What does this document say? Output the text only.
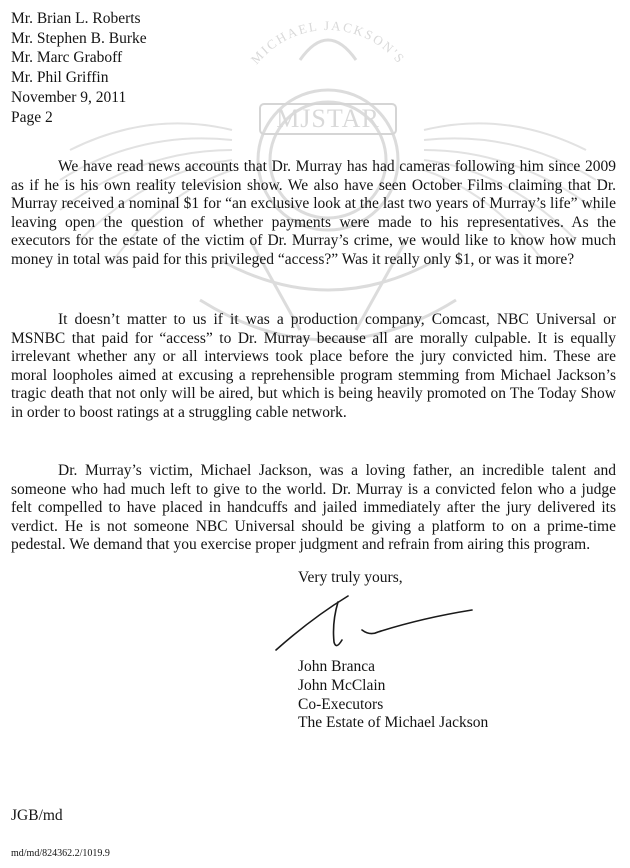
MICHAEL JACKSON'S
MJSTAR
Mr. Brian L. Roberts
Mr. Stephen B. Burke
Mr. Marc Graboff
Mr. Phil Griffin
November 9, 2011
Page 2

We have read news accounts that Dr. Murray has had cameras following him since 2009 as if he is his own reality television show. We also have seen October Films claiming that Dr. Murray received a nominal $1 for “an exclusive look at the last two years of Murray’s life” while leaving open the question of whether payments were made to his representatives. As the executors for the estate of the victim of Dr. Murray’s crime, we would like to know how much money in total was paid for this privileged “access?” Was it really only $1, or was it more?

It doesn’t matter to us if it was a production company, Comcast, NBC Universal or MSNBC that paid for “access” to Dr. Murray because all are morally culpable. It is equally irrelevant whether any or all interviews took place before the jury convicted him. These are moral loopholes aimed at excusing a reprehensible program stemming from Michael Jackson’s tragic death that not only will be aired, but which is being heavily promoted on The Today Show in order to boost ratings at a struggling cable network.

Dr. Murray’s victim, Michael Jackson, was a loving father, an incredible talent and someone who had much left to give to the world. Dr. Murray is a convicted felon who a judge felt compelled to have placed in handcuffs and jailed immediately after the jury delivered its verdict. He is not someone NBC Universal should be giving a platform to on a prime-time pedestal. We demand that you exercise proper judgment and refrain from airing this program.

Very truly yours,
John Branca
John McClain
Co-Executors
The Estate of Michael Jackson
JGB/md
md/md/824362.2/1019.9
